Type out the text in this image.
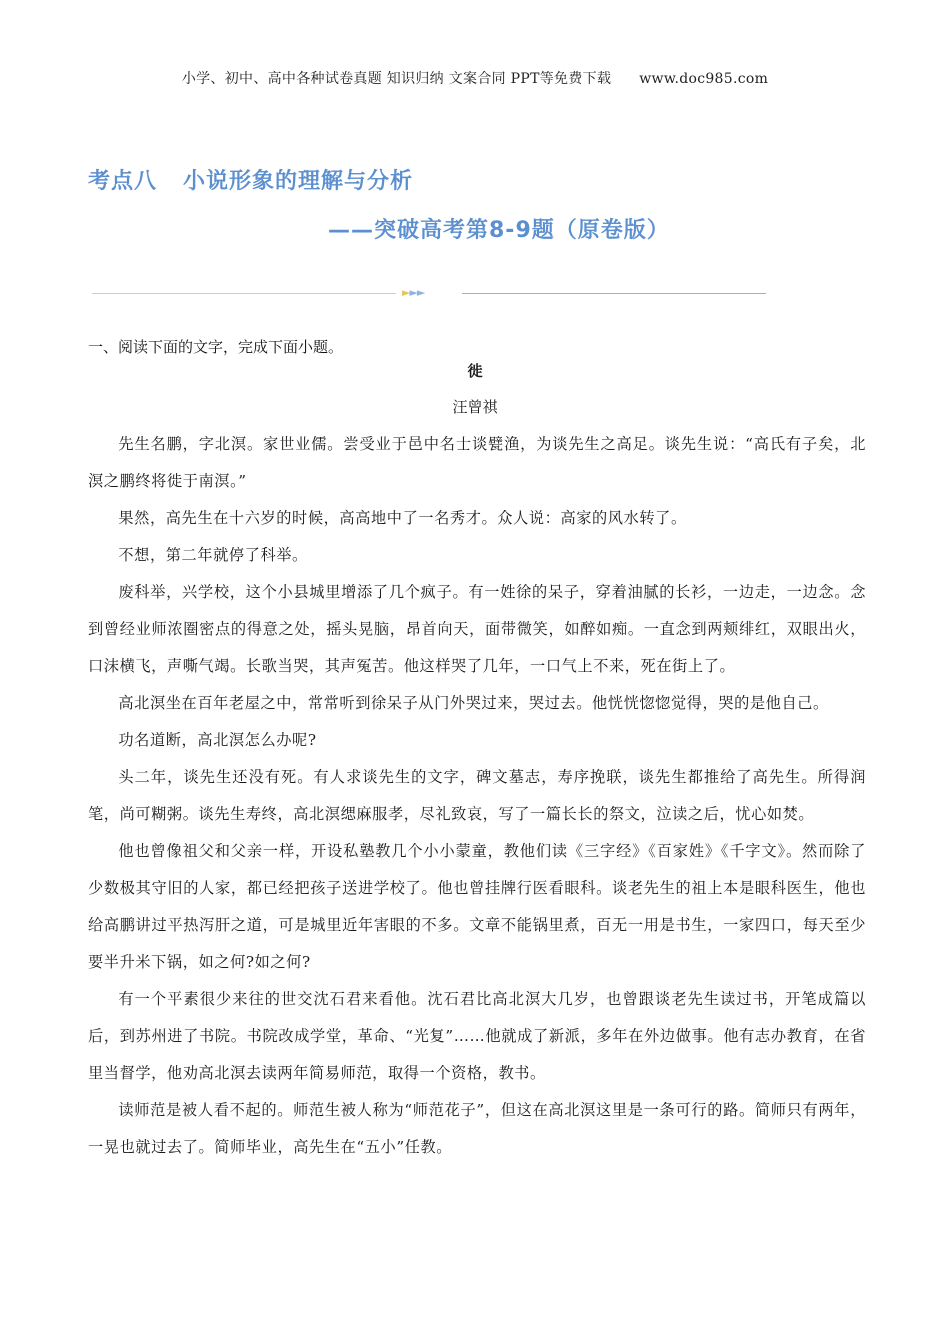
小学、初中、高中各种试卷真题 知识归纳 文案合同 PPT等免费下载 www.doc985.com
考点八 小说形象的理解与分析
——突破高考第8-9题（原卷版）
►►►
一、阅读下面的文字，完成下面小题。
徙
汪曾祺

先生名鹏，字北溟。家世业儒。尝受业于邑中名士谈甓渔，为谈先生之高足。谈先生说：“高氏有子矣，北溟之鹏终将徙于南溟。”

果然，高先生在十六岁的时候，高高地中了一名秀才。众人说：高家的风水转了。

不想，第二年就停了科举。

废科举，兴学校，这个小县城里增添了几个疯子。有一姓徐的呆子，穿着油腻的长衫，一边走，一边念。念到曾经业师浓圈密点的得意之处，摇头晃脑，昂首向天，面带微笑，如醉如痴。一直念到两颊绯红，双眼出火，口沫横飞，声嘶气竭。长歌当哭，其声冤苦。他这样哭了几年，一口气上不来，死在街上了。

高北溟坐在百年老屋之中，常常听到徐呆子从门外哭过来，哭过去。他恍恍惚惚觉得，哭的是他自己。

功名道断，高北溟怎么办呢?

头二年，谈先生还没有死。有人求谈先生的文字，碑文墓志，寿序挽联，谈先生都推给了高先生。所得润笔，尚可糊粥。谈先生寿终，高北溟缌麻服孝，尽礼致哀，写了一篇长长的祭文，泣读之后，忧心如焚。

他也曾像祖父和父亲一样，开设私塾教几个小小蒙童，教他们读《三字经》《百家姓》《千字文》。然而除了少数极其守旧的人家，都已经把孩子送进学校了。他也曾挂牌行医看眼科。谈老先生的祖上本是眼科医生，他也给高鹏讲过平热泻肝之道，可是城里近年害眼的不多。文章不能锅里煮，百无一用是书生，一家四口，每天至少要半升米下锅，如之何?如之何?

有一个平素很少来往的世交沈石君来看他。沈石君比高北溟大几岁，也曾跟谈老先生读过书，开笔成篇以后，到苏州进了书院。书院改成学堂，革命、“光复”……他就成了新派，多年在外边做事。他有志办教育，在省里当督学，他劝高北溟去读两年简易师范，取得一个资格，教书。

读师范是被人看不起的。师范生被人称为“师范花子”，但这在高北溟这里是一条可行的路。简师只有两年，一晃也就过去了。简师毕业，高先生在“五小”任教。
